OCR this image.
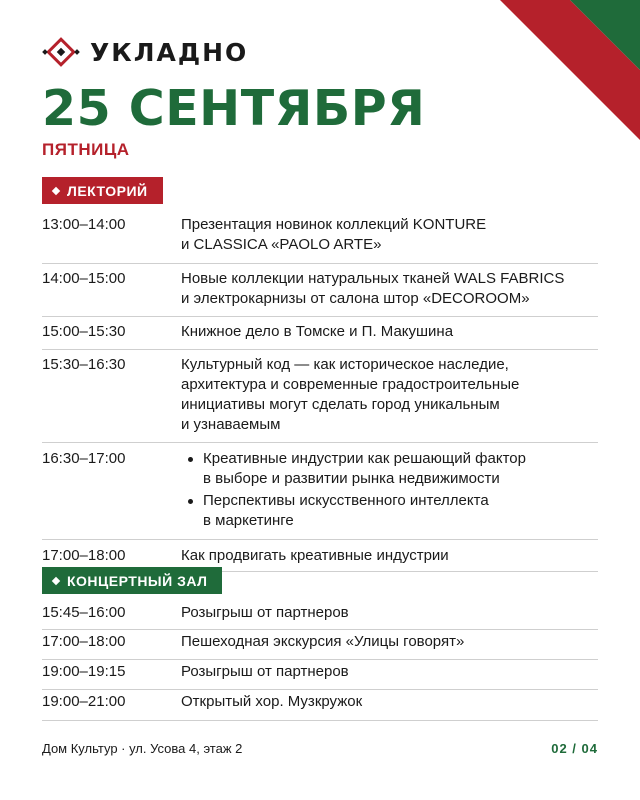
УКЛАДНО
25 СЕНТЯБРЯ
ПЯТНИЦА
ЛЕКТОРИЙ
13:00–14:00	Презентация новинок коллекций KONTURE
и CLASSICA «PAOLO ARTE»
14:00–15:00	Новые коллекции натуральных тканей WALS FABRICS
и электрокарнизы от салона штор «DECOROOM»
15:00–15:30	Книжное дело в Томске и П. Макушина
15:30–16:30	Культурный код — как историческое наследие,
архитектура и современные градостроительные
инициативы могут сделать город уникальным
и узнаваемым
16:30–17:00	Креативные индустрии как решающий фактор
в выборе и развитии рынка недвижимости
Перспективы искусственного интеллекта
в маркетинге
17:00–18:00	Как продвигать креативные индустрии
КОНЦЕРТНЫЙ ЗАЛ
15:45–16:00	Розыгрыш от партнеров
17:00–18:00	Пешеходная экскурсия «Улицы говорят»
19:00–19:15	Розыгрыш от партнеров
19:00–21:00	Открытый хор. Музкружок
Дом Культур · ул. Усова 4, этаж 2	02 / 04
